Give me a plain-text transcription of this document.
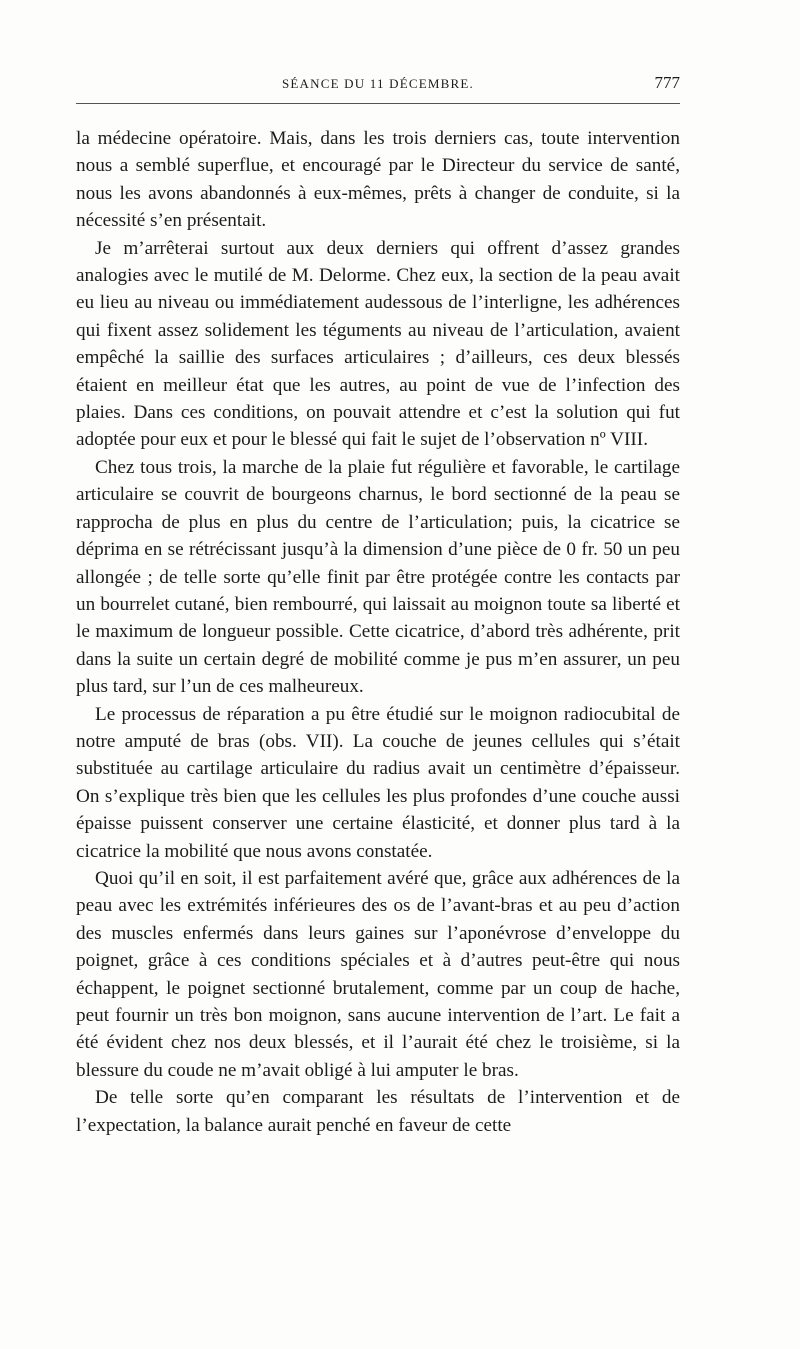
SÉANCE DU 11 DÉCEMBRE.	777

la médecine opératoire. Mais, dans les trois derniers cas, toute intervention nous a semblé superflue, et encouragé par le Directeur du service de santé, nous les avons abandonnés à eux-mêmes, prêts à changer de conduite, si la nécessité s’en présentait.

Je m’arrêterai surtout aux deux derniers qui offrent d’assez grandes analogies avec le mutilé de M. Delorme. Chez eux, la section de la peau avait eu lieu au niveau ou immédiatement audessous de l’interligne, les adhérences qui fixent assez solidement les téguments au niveau de l’articulation, avaient empêché la saillie des surfaces articulaires ; d’ailleurs, ces deux blessés étaient en meilleur état que les autres, au point de vue de l’infection des plaies. Dans ces conditions, on pouvait attendre et c’est la solution qui fut adoptée pour eux et pour le blessé qui fait le sujet de l’observation nº VIII.

Chez tous trois, la marche de la plaie fut régulière et favorable, le cartilage articulaire se couvrit de bourgeons charnus, le bord sectionné de la peau se rapprocha de plus en plus du centre de l’articulation; puis, la cicatrice se déprima en se rétrécissant jusqu’à la dimension d’une pièce de 0 fr. 50 un peu allongée ; de telle sorte qu’elle finit par être protégée contre les contacts par un bourrelet cutané, bien rembourré, qui laissait au moignon toute sa liberté et le maximum de longueur possible. Cette cicatrice, d’abord très adhérente, prit dans la suite un certain degré de mobilité comme je pus m’en assurer, un peu plus tard, sur l’un de ces malheureux.

Le processus de réparation a pu être étudié sur le moignon radiocubital de notre amputé de bras (obs. VII). La couche de jeunes cellules qui s’était substituée au cartilage articulaire du radius avait un centimètre d’épaisseur. On s’explique très bien que les cellules les plus profondes d’une couche aussi épaisse puissent conserver une certaine élasticité, et donner plus tard à la cicatrice la mobilité que nous avons constatée.

Quoi qu’il en soit, il est parfaitement avéré que, grâce aux adhérences de la peau avec les extrémités inférieures des os de l’avant-bras et au peu d’action des muscles enfermés dans leurs gaines sur l’aponévrose d’enveloppe du poignet, grâce à ces conditions spéciales et à d’autres peut-être qui nous échappent, le poignet sectionné brutalement, comme par un coup de hache, peut fournir un très bon moignon, sans aucune intervention de l’art. Le fait a été évident chez nos deux blessés, et il l’aurait été chez le troisième, si la blessure du coude ne m’avait obligé à lui amputer le bras.

De telle sorte qu’en comparant les résultats de l’intervention et de l’expectation, la balance aurait penché en faveur de cette
